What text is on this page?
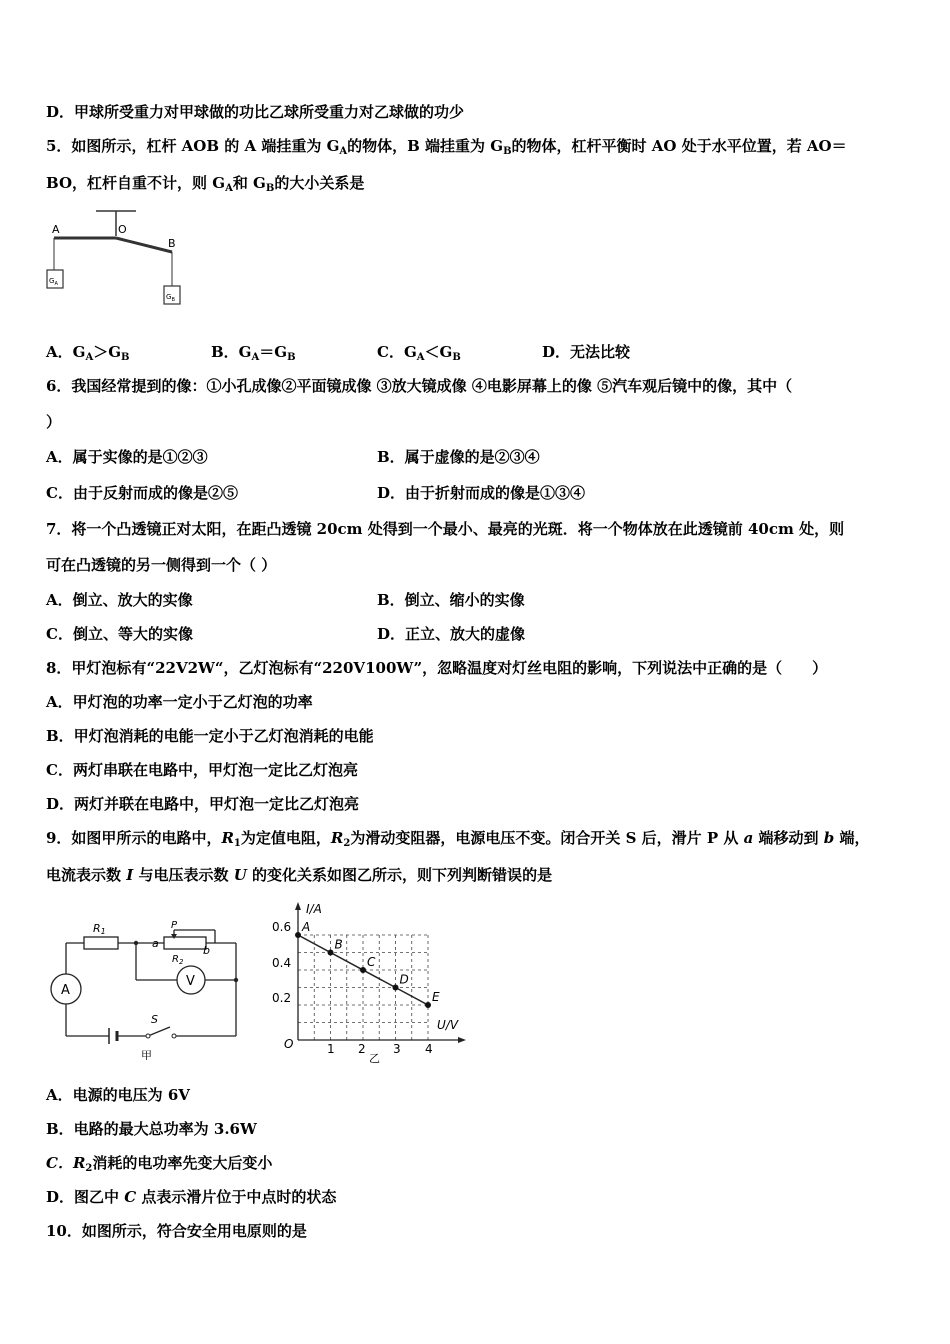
D．甲球所受重力对甲球做的功比乙球所受重力对乙球做的功少
5．如图所示，杠杆 AOB 的 A 端挂重为 $G_A$的物体，B 端挂重为 $G_B$的物体，杠杆平衡时 AO 处于水平位置，若 AO＝
BO，杠杆自重不计，则 $G_A$和 $G_B$的大小关系是
A	O
B
$G_A$
$G_B$
A．$G_A>G_B$	B．$G_A=G_B$	C．$G_A<G_B$	D．无法比较
6．我国经常提到的像：①小孔成像②平面镜成像 ③放大镜成像 ④电影屏幕上的像 ⑤汽车观后镜中的像，其中（
）
A．属于实像的是①②③	B．属于虚像的是②③④
C．由于反射而成的像是②⑤	D．由于折射而成的像是①③④
7．将一个凸透镜正对太阳，在距凸透镜 20cm 处得到一个最小、最亮的光斑．将一个物体放在此透镜前 40cm 处，则
可在凸透镜的另一侧得到一个（ ）
A．倒立、放大的实像	B．倒立、缩小的实像
C．倒立、等大的实像	D．正立、放大的虚像
8．甲灯泡标有“22V2W“，乙灯泡标有“220V100W”，忽略温度对灯丝电阻的影响，下列说法中正确的是（　　）
A．甲灯泡的功率一定小于乙灯泡的功率
B．甲灯泡消耗的电能一定小于乙灯泡消耗的电能
C．两灯串联在电路中，甲灯泡一定比乙灯泡亮
D．两灯并联在电路中，甲灯泡一定比乙灯泡亮
9．如图甲所示的电路中，$R_1$为定值电阻，$R_2$为滑动变阻器，电源电压不变。闭合开关 S 后，滑片 P 从 a 端移动到 b 端，
电流表示数 I 与电压表示数 U 的变化关系如图乙所示，则下列判断错误的是
R1
$R_2$
P
a
b
A
V
S
甲
I/A
U/V
O
乙
0.6
0.4
0.2
1 2 3 4
A
B
C
D
E
A．电源的电压为 6V
B．电路的最大总功率为 3.6W
C．$R_2$消耗的电功率先变大后变小
D．图乙中 C 点表示滑片位于中点时的状态
10．如图所示，符合安全用电原则的是
